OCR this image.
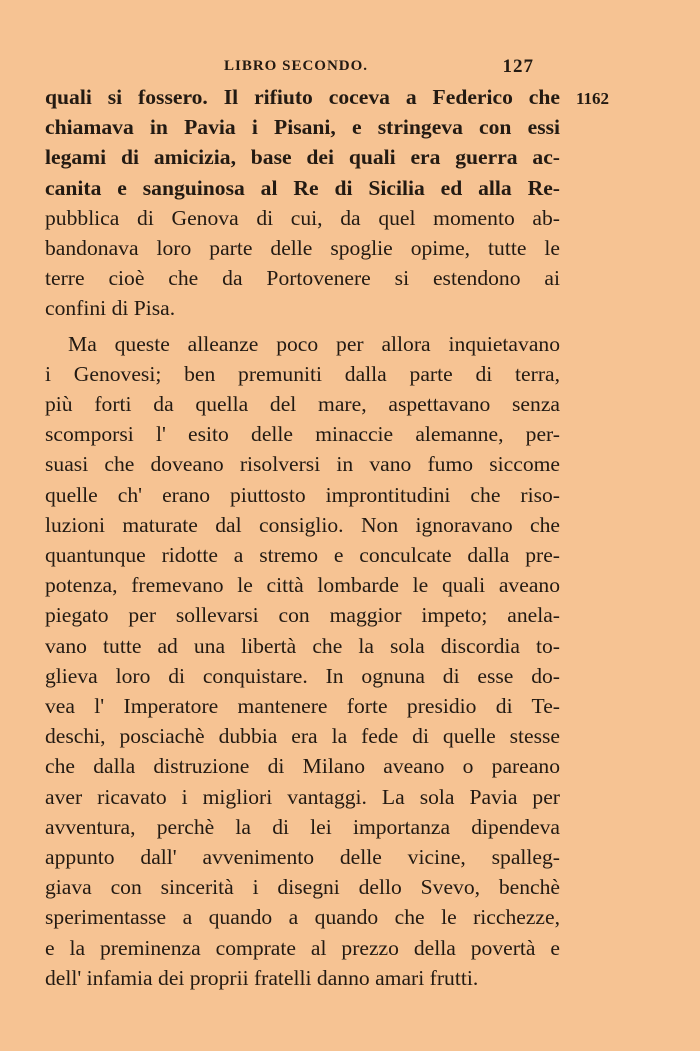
LIBRO SECONDO.	127
1162
quali si fossero. Il rifiuto coceva a Federico che
chiamava in Pavia i Pisani, e stringeva con essi
legami di amicizia, base dei quali era guerra ac-
canita e sanguinosa al Re di Sicilia ed alla Re-
pubblica di Genova di cui, da quel momento ab-
bandonava loro parte delle spoglie opime, tutte le
terre cioè che da Portovenere si estendono ai
confini di Pisa.
Ma queste alleanze poco per allora inquietavano
i Genovesi; ben premuniti dalla parte di terra,
più forti da quella del mare, aspettavano senza
scomporsi l' esito delle minaccie alemanne, per-
suasi che doveano risolversi in vano fumo siccome
quelle ch' erano piuttosto improntitudini che riso-
luzioni maturate dal consiglio. Non ignoravano che
quantunque ridotte a stremo e conculcate dalla pre-
potenza, fremevano le città lombarde le quali aveano
piegato per sollevarsi con maggior impeto; anela-
vano tutte ad una libertà che la sola discordia to-
glieva loro di conquistare. In ognuna di esse do-
vea l' Imperatore mantenere forte presidio di Te-
deschi, posciachè dubbia era la fede di quelle stesse
che dalla distruzione di Milano aveano o pareano
aver ricavato i migliori vantaggi. La sola Pavia per
avventura, perchè la di lei importanza dipendeva
appunto dall' avvenimento delle vicine, spalleg-
giava con sincerità i disegni dello Svevo, benchè
sperimentasse a quando a quando che le ricchezze,
e la preminenza comprate al prezzo della povertà e
dell' infamia dei proprii fratelli danno amari frutti.
